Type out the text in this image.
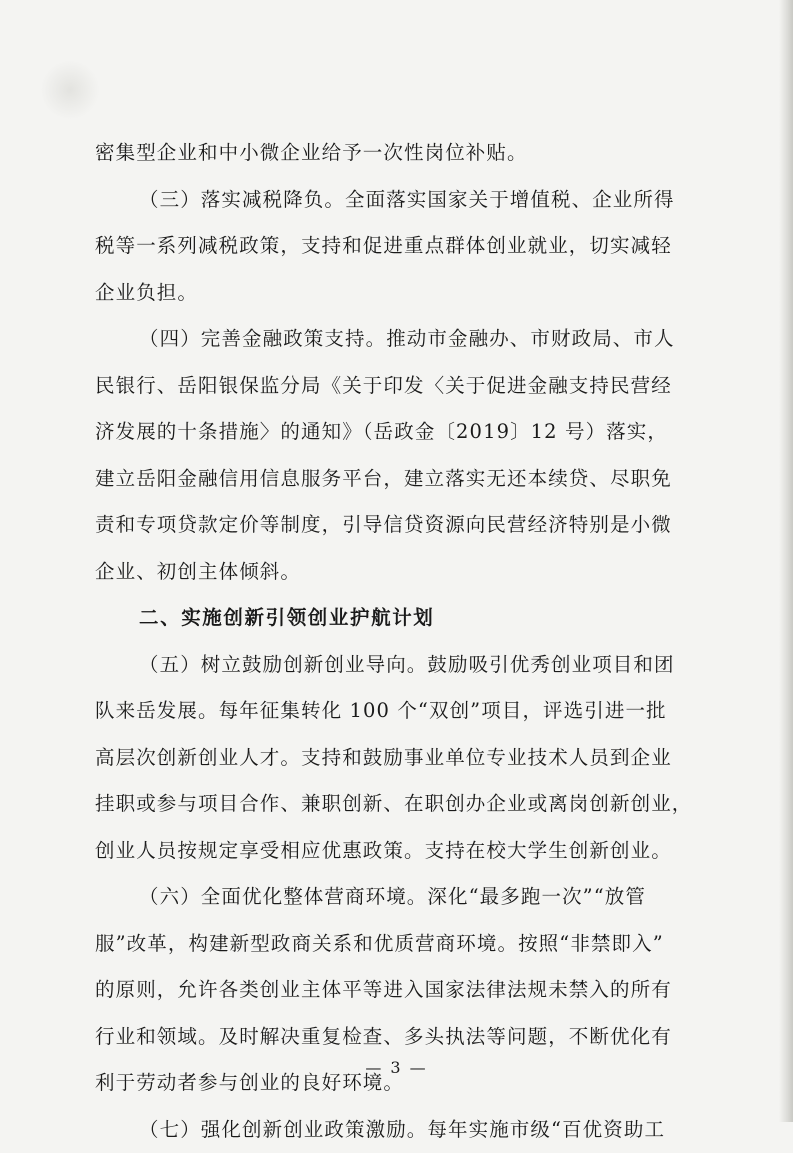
密集型企业和中小微企业给予一次性岗位补贴。

（三）落实减税降负。全面落实国家关于增值税、企业所得

税等一系列减税政策，支持和促进重点群体创业就业，切实减轻

企业负担。

（四）完善金融政策支持。推动市金融办、市财政局、市人

民银行、岳阳银保监分局《关于印发〈关于促进金融支持民营经

济发展的十条措施〉的通知》（岳政金〔2019〕12 号）落实，

建立岳阳金融信用信息服务平台，建立落实无还本续贷、尽职免

责和专项贷款定价等制度，引导信贷资源向民营经济特别是小微

企业、初创主体倾斜。

二、实施创新引领创业护航计划

（五）树立鼓励创新创业导向。鼓励吸引优秀创业项目和团

队来岳发展。每年征集转化 100 个“双创”项目，评选引进一批

高层次创新创业人才。支持和鼓励事业单位专业技术人员到企业

挂职或参与项目合作、兼职创新、在职创办企业或离岗创新创业，

创业人员按规定享受相应优惠政策。支持在校大学生创新创业。

（六）全面优化整体营商环境。深化“最多跑一次”“放管

服”改革，构建新型政商关系和优质营商环境。按照“非禁即入”

的原则，允许各类创业主体平等进入国家法律法规未禁入的所有

行业和领域。及时解决重复检查、多头执法等问题，不断优化有

利于劳动者参与创业的良好环境。

（七）强化创新创业政策激励。每年实施市级“百优资助工

— 3 —
